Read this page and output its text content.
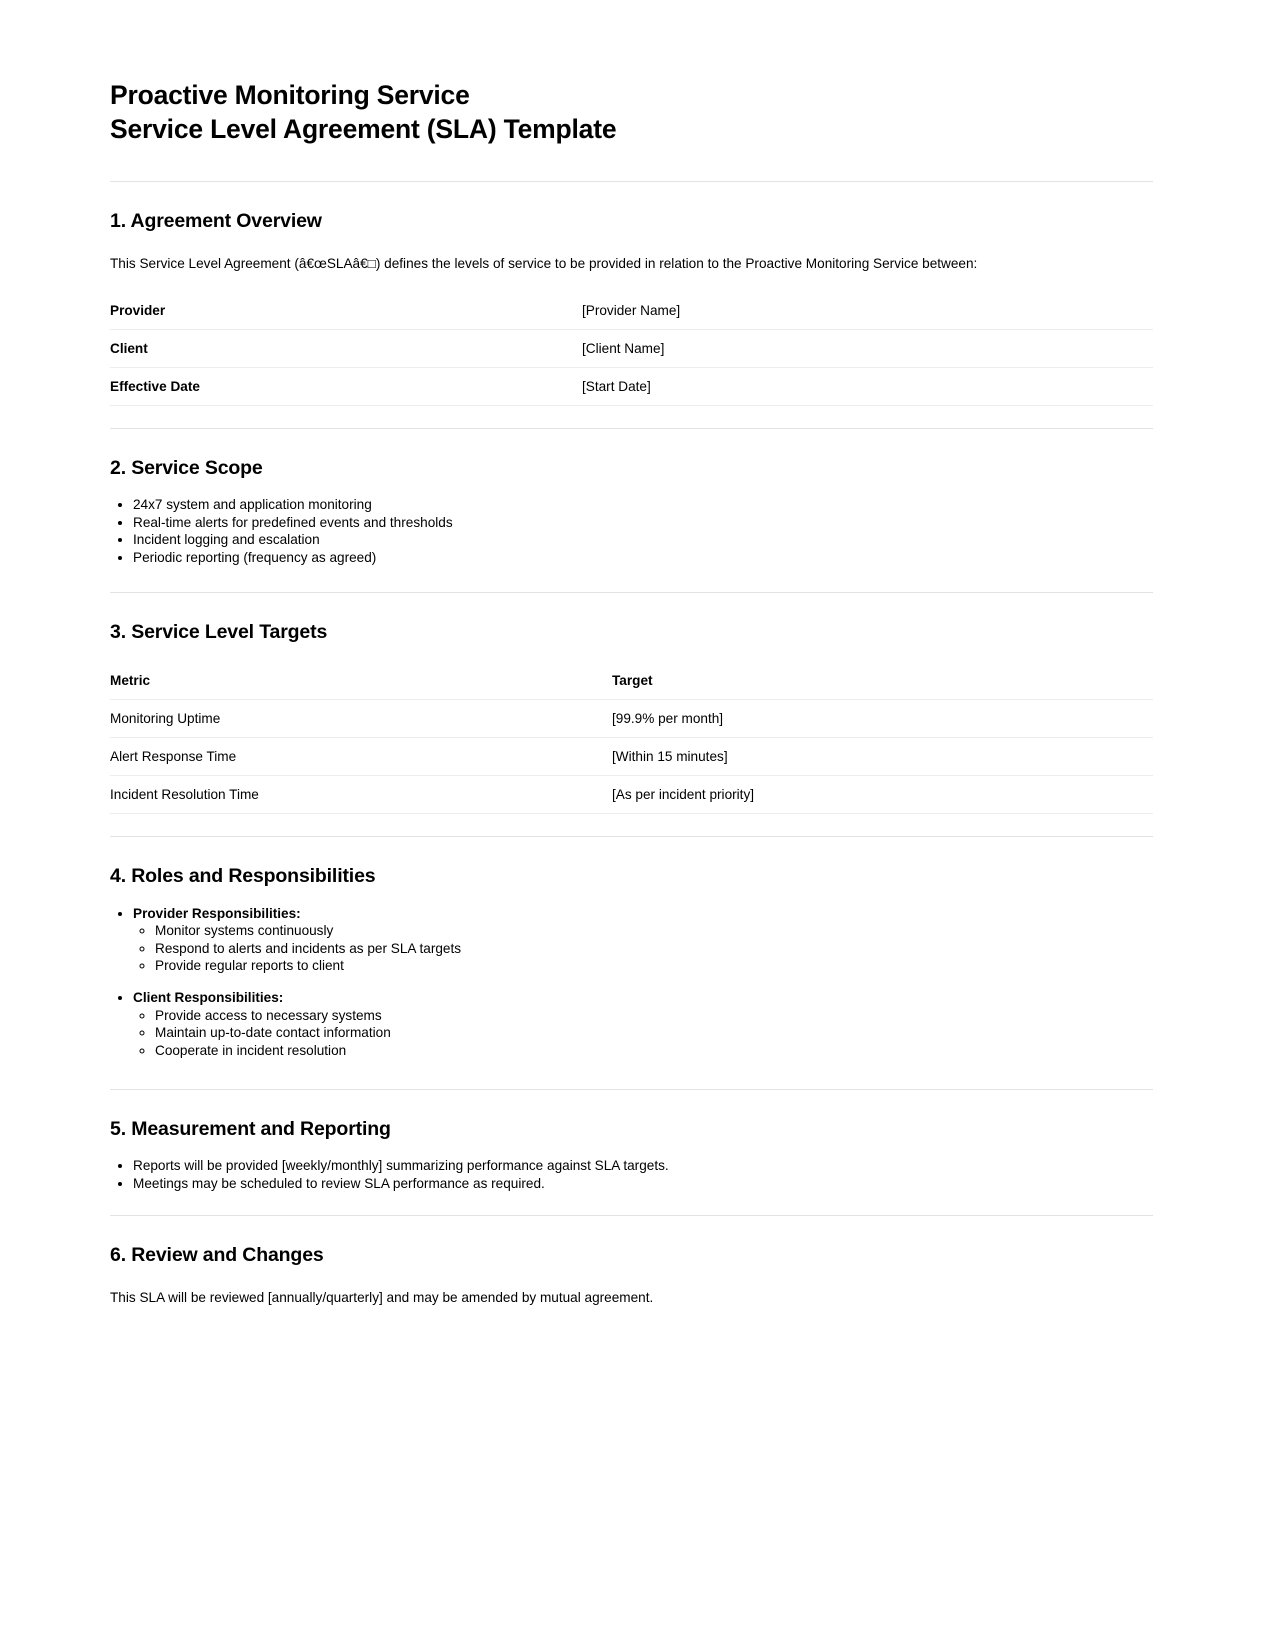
Proactive Monitoring Service
Service Level Agreement (SLA) Template
1. Agreement Overview

This Service Level Agreement (â€œSLAâ€□) defines the levels of service to be provided in relation to the Proactive Monitoring Service between:

Provider	[Provider Name]
Client	[Client Name]
Effective Date	[Start Date]
2. Service Scope
• 24x7 system and application monitoring
• Real-time alerts for predefined events and thresholds
• Incident logging and escalation
• Periodic reporting (frequency as agreed)
3. Service Level Targets
Metric	Target
Monitoring Uptime	[99.9% per month]
Alert Response Time	[Within 15 minutes]
Incident Resolution Time	[As per incident priority]
4. Roles and Responsibilities
• Provider Responsibilities:
◦ Monitor systems continuously
◦ Respond to alerts and incidents as per SLA targets
◦ Provide regular reports to client
• Client Responsibilities:
◦ Provide access to necessary systems
◦ Maintain up-to-date contact information
◦ Cooperate in incident resolution
5. Measurement and Reporting
• Reports will be provided [weekly/monthly] summarizing performance against SLA targets.
• Meetings may be scheduled to review SLA performance as required.
6. Review and Changes

This SLA will be reviewed [annually/quarterly] and may be amended by mutual agreement.
